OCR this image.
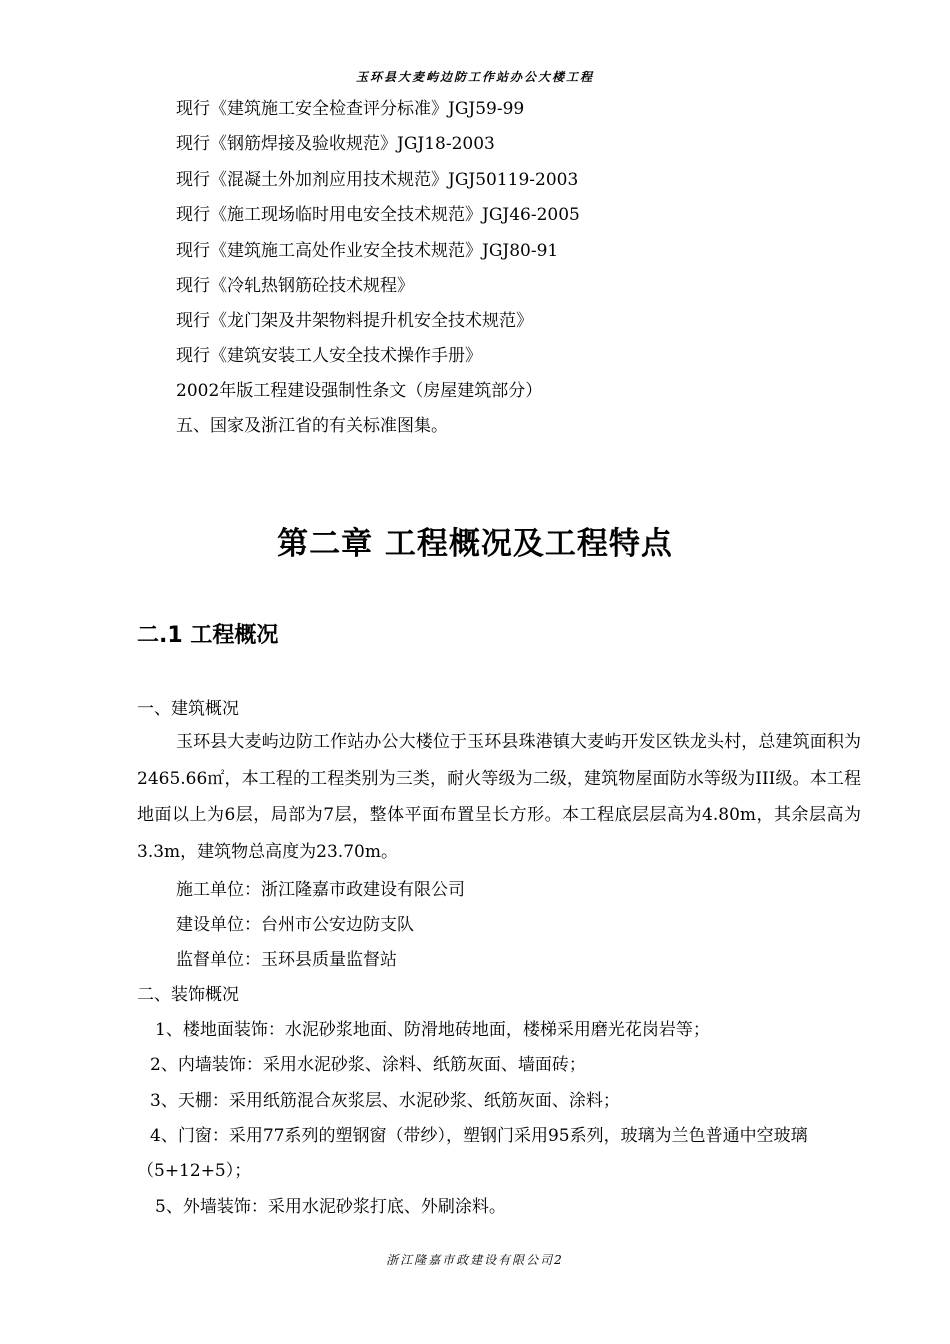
玉环县大麦屿边防工作站办公大楼工程
现行《建筑施工安全检查评分标准》JGJ59-99
现行《钢筋焊接及验收规范》JGJ18-2003
现行《混凝土外加剂应用技术规范》JGJ50119-2003
现行《施工现场临时用电安全技术规范》JGJ46-2005
现行《建筑施工高处作业安全技术规范》JGJ80-91
现行《冷轧热钢筋砼技术规程》
现行《龙门架及井架物料提升机安全技术规范》
现行《建筑安装工人安全技术操作手册》
2002年版工程建设强制性条文（房屋建筑部分）
五、国家及浙江省的有关标准图集。
第二章 工程概况及工程特点
二.1 工程概况
一、建筑概况
玉环县大麦屿边防工作站办公大楼位于玉环县珠港镇大麦屿开发区铁龙头村，总建筑面积为2465.66㎡，本工程的工程类别为三类，耐火等级为二级，建筑物屋面防水等级为III级。本工程地面以上为6层，局部为7层，整体平面布置呈长方形。本工程底层层高为4.80m，其余层高为3.3m，建筑物总高度为23.70m。
施工单位：浙江隆嘉市政建设有限公司
建设单位：台州市公安边防支队
监督单位：玉环县质量监督站
二、装饰概况
1、楼地面装饰：水泥砂浆地面、防滑地砖地面，楼梯采用磨光花岗岩等；
2、内墙装饰：采用水泥砂浆、涂料、纸筋灰面、墙面砖；
3、天棚：采用纸筋混合灰浆层、水泥砂浆、纸筋灰面、涂料；
4、门窗：采用77系列的塑钢窗（带纱），塑钢门采用95系列，玻璃为兰色普通中空玻璃
（5+12+5）；
5、外墙装饰：采用水泥砂浆打底、外刷涂料。
浙江隆嘉市政建设有限公司2
